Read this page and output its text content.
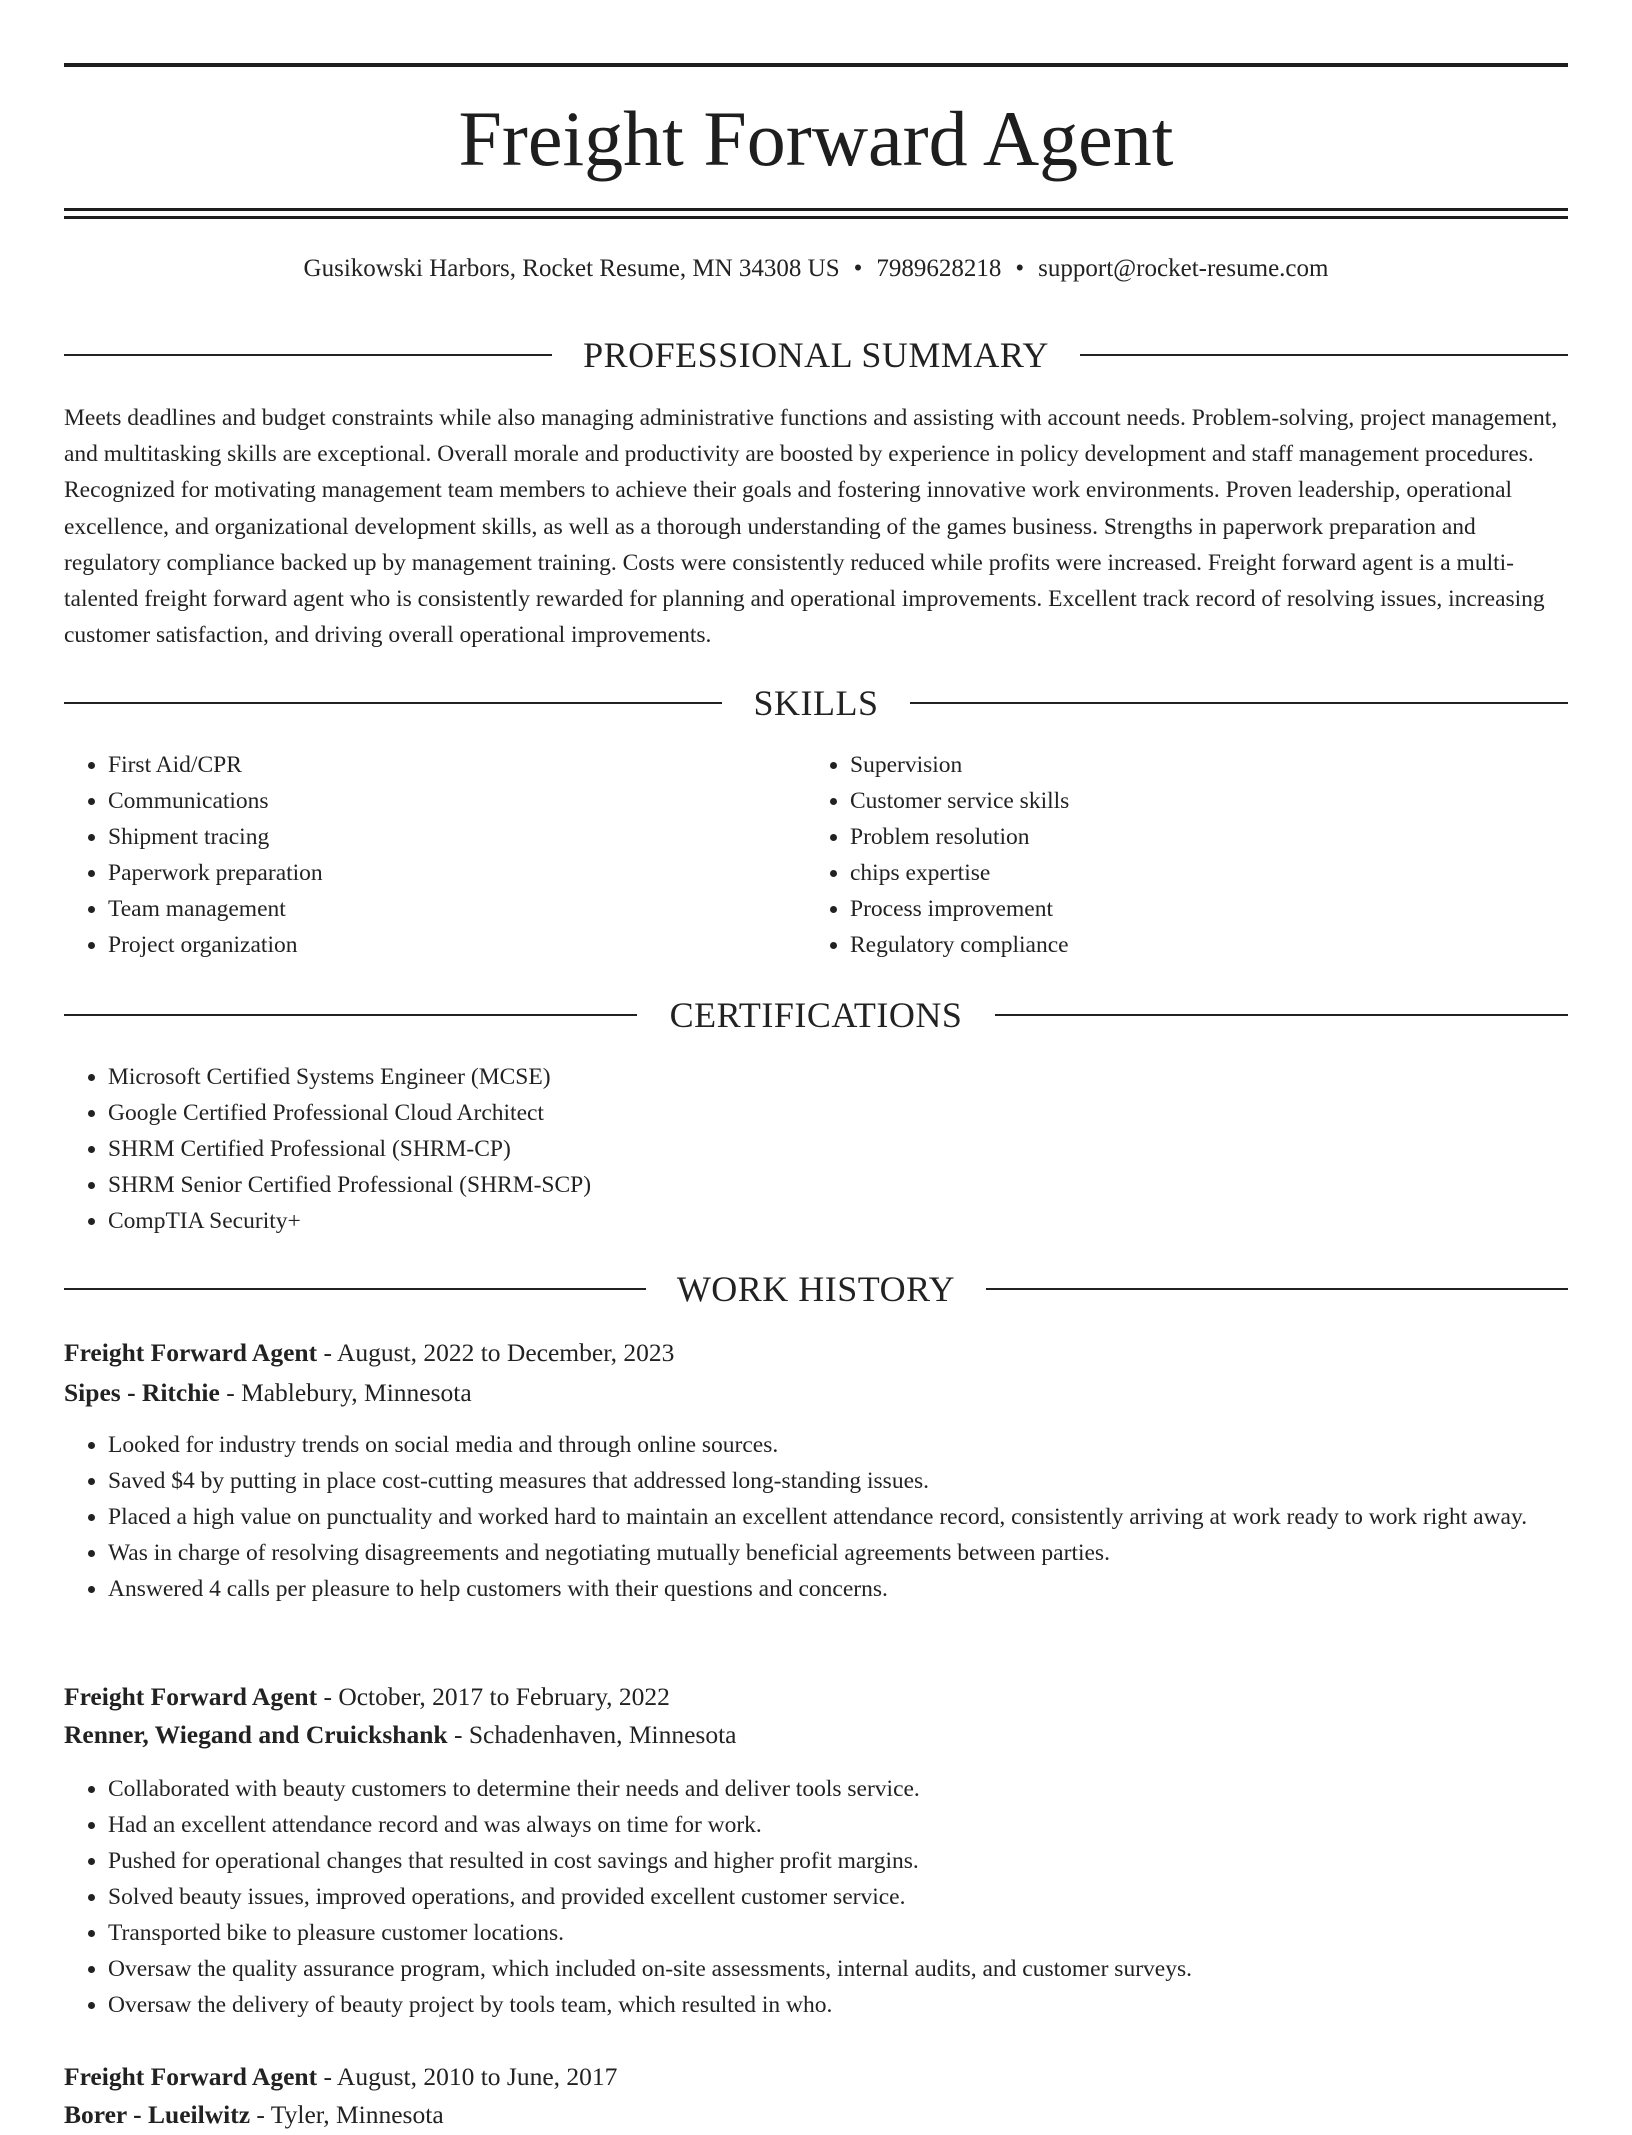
Freight Forward Agent
Gusikowski Harbors, Rocket Resume, MN 34308 US • 7989628218 • support@rocket-resume.com
PROFESSIONAL SUMMARY

Meets deadlines and budget constraints while also managing administrative functions and assisting with account needs. Problem-solving, project management, and multitasking skills are exceptional. Overall morale and productivity are boosted by experience in policy development and staff management procedures. Recognized for motivating management team members to achieve their goals and fostering innovative work environments. Proven leadership, operational excellence, and organizational development skills, as well as a thorough understanding of the games business. Strengths in paperwork preparation and regulatory compliance backed up by management training. Costs were consistently reduced while profits were increased. Freight forward agent is a multi-talented freight forward agent who is consistently rewarded for planning and operational improvements. Excellent track record of resolving issues, increasing customer satisfaction, and driving overall operational improvements.

SKILLS
• First Aid/CPR
• Communications
• Shipment tracing
• Paperwork preparation
• Team management
• Project organization
• Supervision
• Customer service skills
• Problem resolution
• chips expertise
• Process improvement
• Regulatory compliance
CERTIFICATIONS
• Microsoft Certified Systems Engineer (MCSE)
• Google Certified Professional Cloud Architect
• SHRM Certified Professional (SHRM-CP)
• SHRM Senior Certified Professional (SHRM-SCP)
• CompTIA Security+
WORK HISTORY

Freight Forward Agent - August, 2022 to December, 2023

Sipes - Ritchie - Mablebury, Minnesota

• Looked for industry trends on social media and through online sources.
• Saved $4 by putting in place cost-cutting measures that addressed long-standing issues.
• Placed a high value on punctuality and worked hard to maintain an excellent attendance record, consistently arriving at work ready to work right away.
• Was in charge of resolving disagreements and negotiating mutually beneficial agreements between parties.
• Answered 4 calls per pleasure to help customers with their questions and concerns.

Freight Forward Agent - October, 2017 to February, 2022

Renner, Wiegand and Cruickshank - Schadenhaven, Minnesota

• Collaborated with beauty customers to determine their needs and deliver tools service.
• Had an excellent attendance record and was always on time for work.
• Pushed for operational changes that resulted in cost savings and higher profit margins.
• Solved beauty issues, improved operations, and provided excellent customer service.
• Transported bike to pleasure customer locations.
• Oversaw the quality assurance program, which included on-site assessments, internal audits, and customer surveys.
• Oversaw the delivery of beauty project by tools team, which resulted in who.

Freight Forward Agent - August, 2010 to June, 2017

Borer - Lueilwitz - Tyler, Minnesota
